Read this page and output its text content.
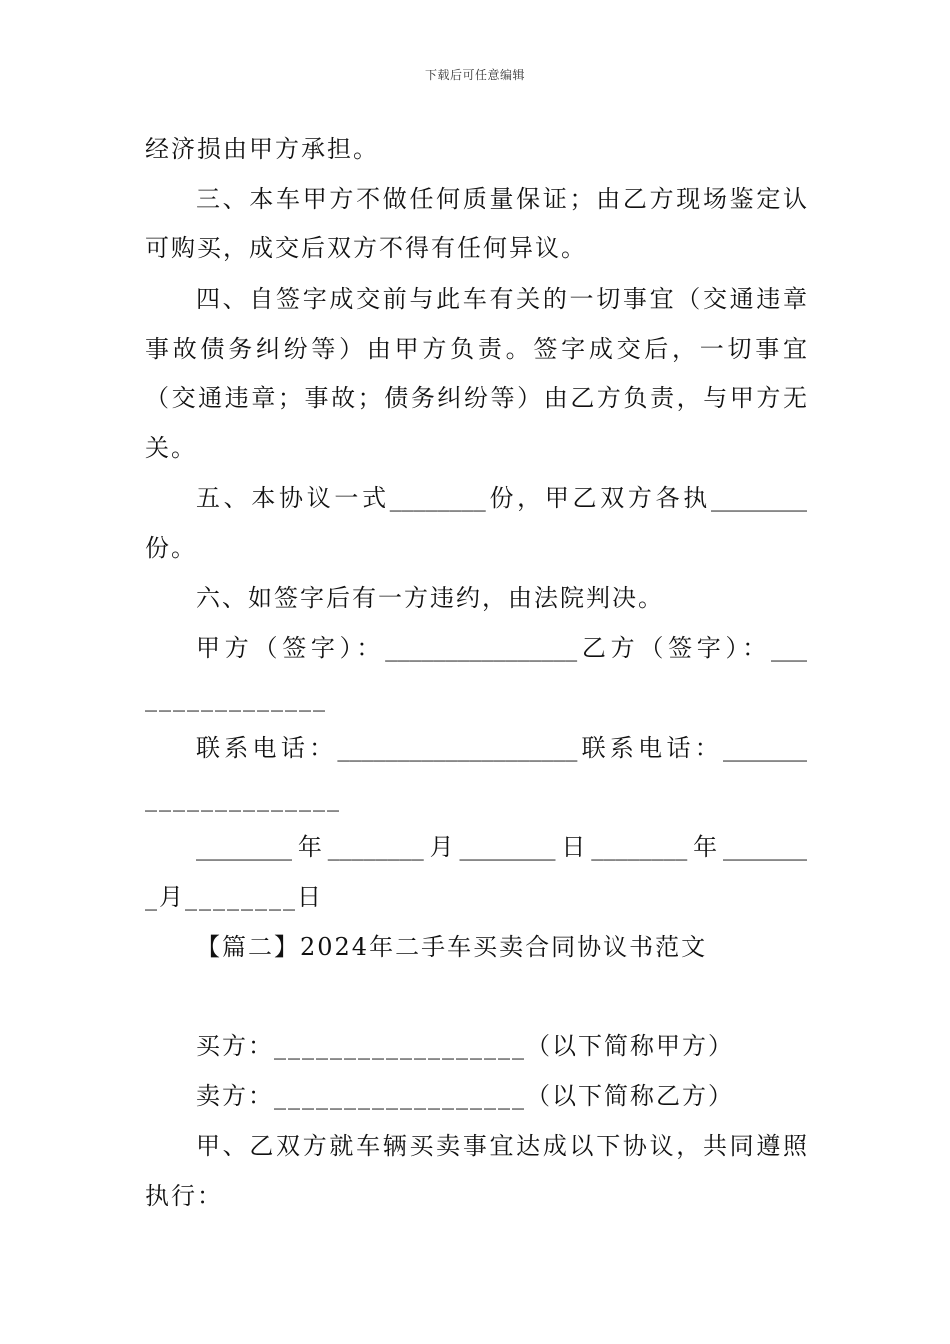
下载后可任意编辑
经济损由甲方承担。
三、本车甲方不做任何质量保证；由乙方现场鉴定认
可购买，成交后双方不得有任何异议。
四、自签字成交前与此车有关的一切事宜（交通违章
事故债务纠纷等）由甲方负责。签字成交后，一切事宜
（交通违章；事故；债务纠纷等）由乙方负责，与甲方无
关。
五、本协议一式________份，甲乙双方各执________
份。
六、如签字后有一方违约，由法院判决。
甲方（签字）：________________乙方（签字）：___
_____________
联系电话：____________________联系电话：_______
______________
________年________月________日________年_______
_月________日
【篇二】2024年二手车买卖合同协议书范文
买方：__________________（以下简称甲方）
卖方：__________________（以下简称乙方）
甲、乙双方就车辆买卖事宜达成以下协议，共同遵照
执行：
